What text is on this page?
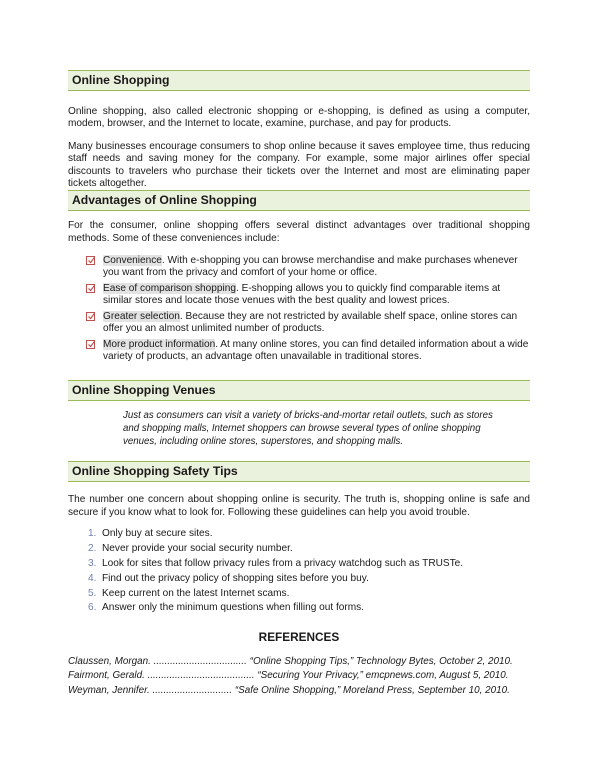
Online Shopping

Online shopping, also called electronic shopping or e-shopping, is defined as using a computer, modem, browser, and the Internet to locate, examine, purchase, and pay for products.

Many businesses encourage consumers to shop online because it saves employee time, thus reducing staff needs and saving money for the company. For example, some major airlines offer special discounts to travelers who purchase their tickets over the Internet and most are eliminating paper tickets altogether.

Advantages of Online Shopping

For the consumer, online shopping offers several distinct advantages over traditional shopping methods. Some of these conveniences include:

Convenience. With e-shopping you can browse merchandise and make purchases whenever you want from the privacy and comfort of your home or office.
Ease of comparison shopping. E-shopping allows you to quickly find comparable items at similar stores and locate those venues with the best quality and lowest prices.
Greater selection. Because they are not restricted by available shelf space, online stores can offer you an almost unlimited number of products.
More product information. At many online stores, you can find detailed information about a wide variety of products, an advantage often unavailable in traditional stores.
Online Shopping Venues

Just as consumers can visit a variety of bricks-and-mortar retail outlets, such as stores and shopping malls, Internet shoppers can browse several types of online shopping venues, including online stores, superstores, and shopping malls.

Online Shopping Safety Tips

The number one concern about shopping online is security. The truth is, shopping online is safe and secure if you know what to look for. Following these guidelines can help you avoid trouble.

1. Only buy at secure sites.
2. Never provide your social security number.
3. Look for sites that follow privacy rules from a privacy watchdog such as TRUSTe.
4. Find out the privacy policy of shopping sites before you buy.
5. Keep current on the latest Internet scams.
6. Answer only the minimum questions when filling out forms.
REFERENCES
Claussen, Morgan. .................................. “Online Shopping Tips,” Technology Bytes, October 2, 2010.
Fairmont, Gerald. ....................................... “Securing Your Privacy,” emcpnews.com, August 5, 2010.
Weyman, Jennifer. ............................. “Safe Online Shopping,” Moreland Press, September 10, 2010.
